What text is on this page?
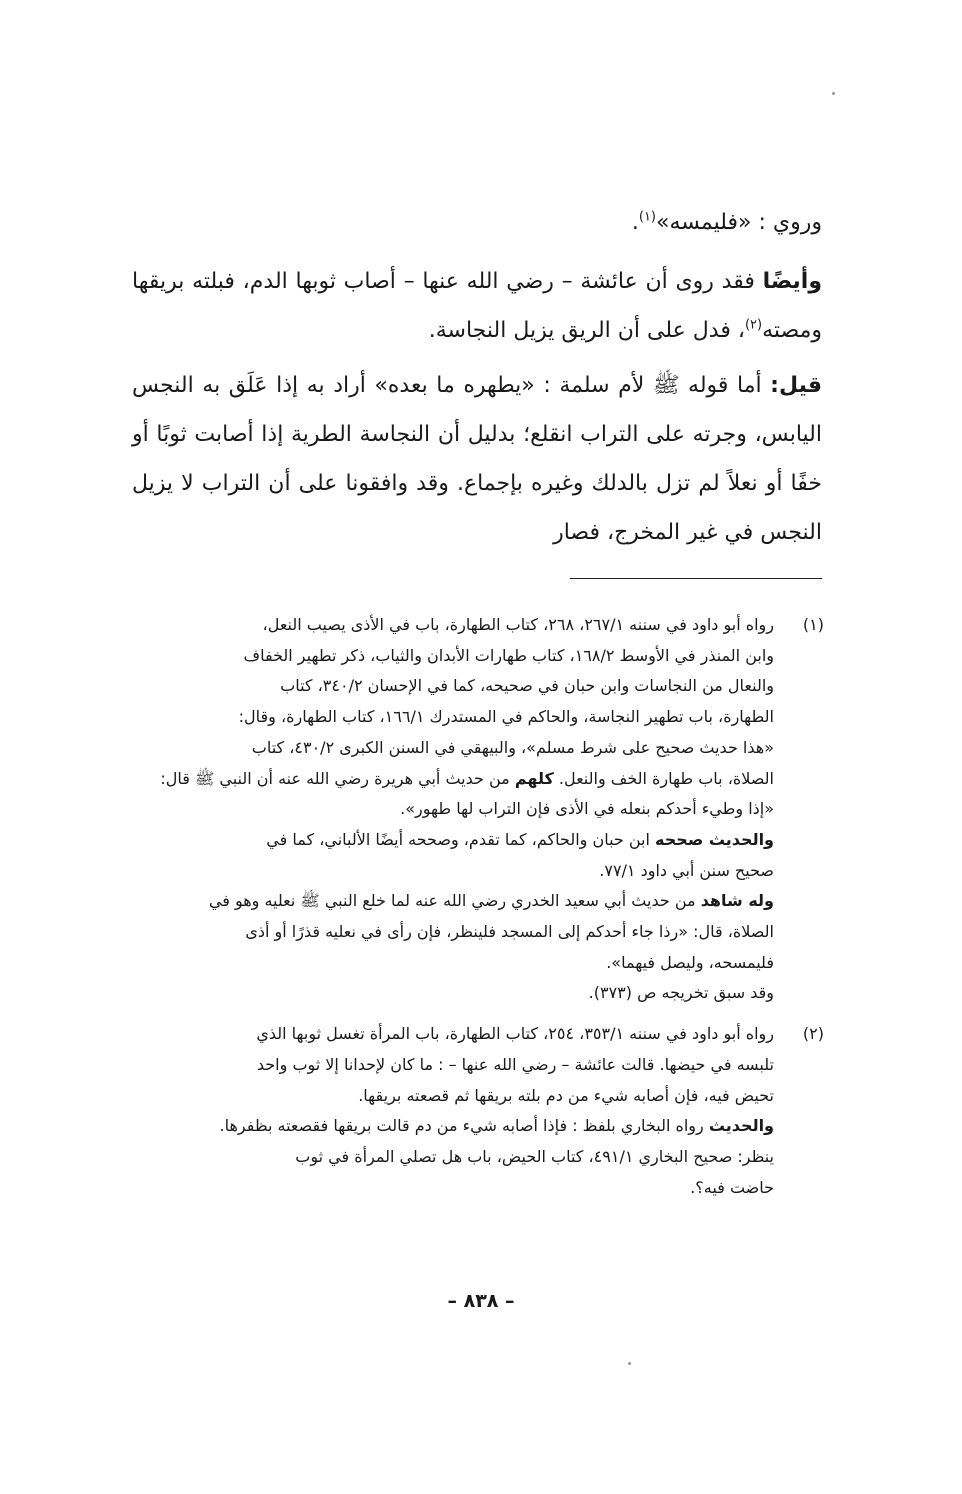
وروي : «فليمسه»$^{(١)}$.

وأيضًا فقد روى أن عائشة – رضي الله عنها – أصاب ثوبها الدم، فبلته بريقها ومصته$^{(٢)}$، فدل على أن الريق يزيل النجاسة.

قيل: أما قوله ﷺ لأم سلمة : «يطهره ما بعده» أراد به إذا عَلَق به النجس اليابس، وجرته على التراب انقلع؛ بدليل أن النجاسة الطرية إذا أصابت ثوبًا أو خفًا أو نعلاً لم تزل بالدلك وغيره بإجماع. وقد وافقونا على أن التراب لا يزيل النجس في غير المخرج، فصار

(١)

رواه أبو داود في سننه ٢٦٧/١، ٢٦٨، كتاب الطهارة، باب في الأذى يصيب النعل،

وابن المنذر في الأوسط ١٦٨/٢، كتاب طهارات الأبدان والثياب، ذكر تطهير الخفاف

والنعال من النجاسات وابن حبان في صحيحه، كما في الإحسان ٣٤٠/٢، كتاب

الطهارة، باب تطهير النجاسة، والحاكم في المستدرك ١٦٦/١، كتاب الطهارة، وقال:

«هذا حديث صحيح على شرط مسلم»، والبيهقي في السنن الكبرى ٤٣٠/٢، كتاب

الصلاة، باب طهارة الخف والنعل. كلهم من حديث أبي هريرة رضي الله عنه أن النبي ﷺ قال:

«إذا وطيء أحدكم بنعله في الأذى فإن التراب لها طهور».

والحديث صححه ابن حبان والحاكم، كما تقدم، وصححه أيضًا الألباني، كما في

صحيح سنن أبي داود ٧٧/١.

وله شاهد من حديث أبي سعيد الخدري رضي الله عنه لما خلع النبي ﷺ نعليه وهو في

الصلاة، قال: «رذا جاء أحدكم إلى المسجد فلينظر، فإن رأى في نعليه قذرًا أو أذى

فليمسحه، وليصل فيهما».

وقد سبق تخريجه ص (٣٧٣).

(٢)

رواه أبو داود في سننه ٣٥٣/١، ٢٥٤، كتاب الطهارة، باب المرأة تغسل ثوبها الذي

تلبسه في حيضها. قالت عائشة – رضي الله عنها – : ما كان لإحدانا إلا ثوب واحد

تحيض فيه، فإن أصابه شيء من دم بلته بريقها ثم قصعته بريقها.

والحديث رواه البخاري بلفظ : فإذا أصابه شيء من دم قالت بريقها فقصعته بظفرها.

ينظر: صحيح البخاري ٤٩١/١، كتاب الحيض، باب هل تصلي المرأة في ثوب

حاضت فيه؟.

– ٨٣٨ –
